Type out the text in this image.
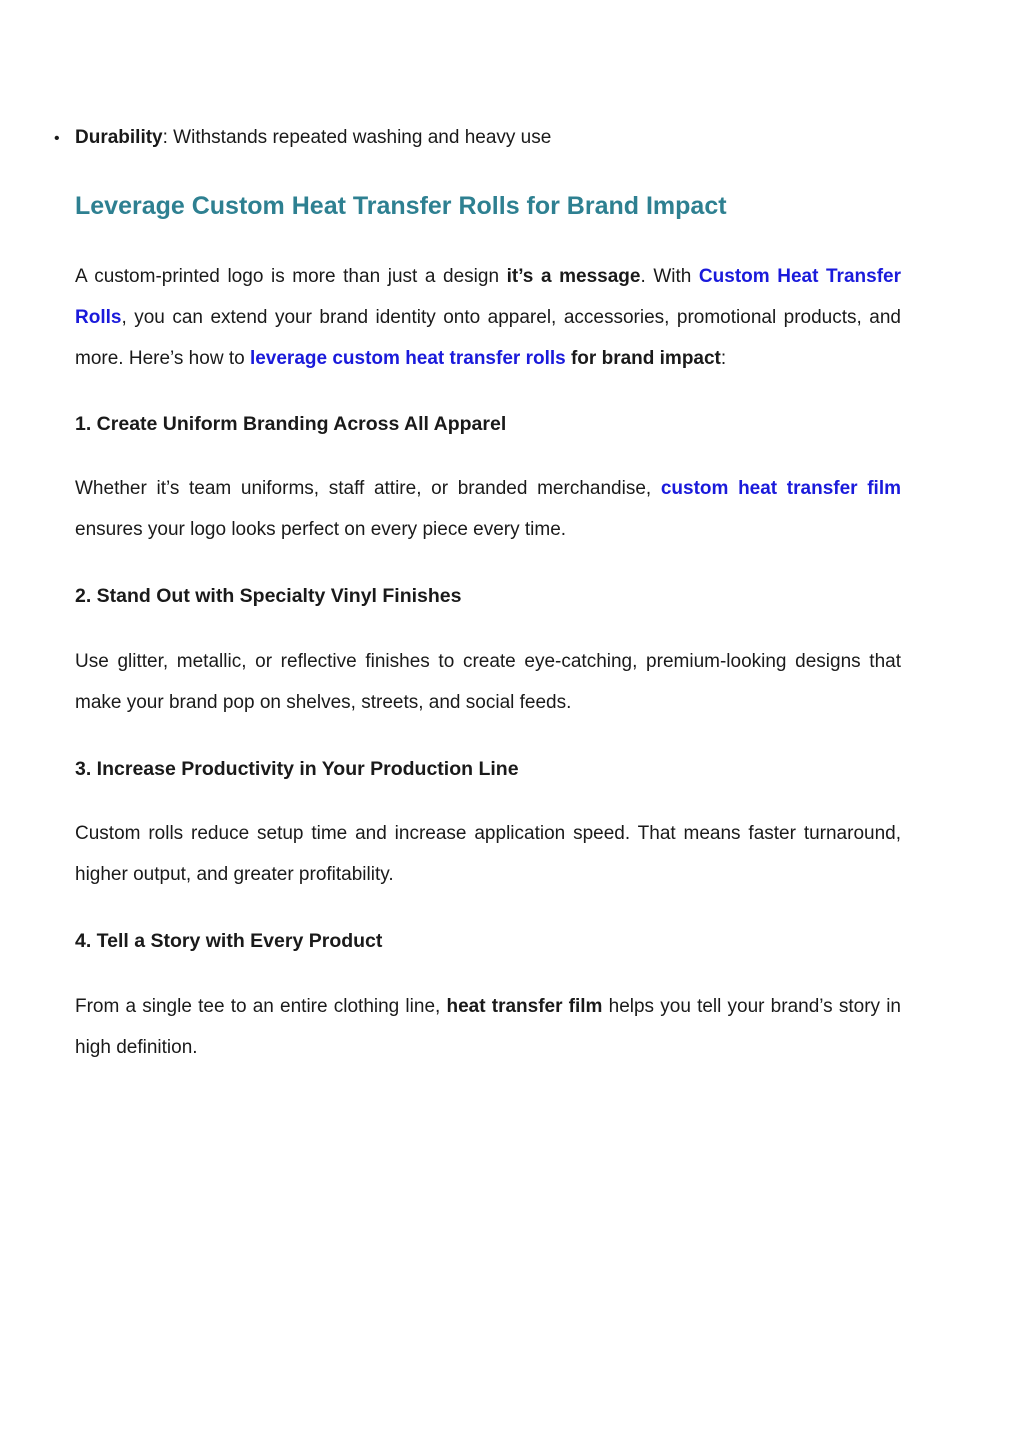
• Durability: Withstands repeated washing and heavy use
Leverage Custom Heat Transfer Rolls for Brand Impact

A custom-printed logo is more than just a design it’s a message. With Custom Heat Transfer Rolls, you can extend your brand identity onto apparel, accessories, promotional products, and more. Here’s how to leverage custom heat transfer rolls for brand impact:

1. Create Uniform Branding Across All Apparel

Whether it’s team uniforms, staff attire, or branded merchandise, custom heat transfer film ensures your logo looks perfect on every piece every time.

2. Stand Out with Specialty Vinyl Finishes

Use glitter, metallic, or reflective finishes to create eye-catching, premium-looking designs that make your brand pop on shelves, streets, and social feeds.

3. Increase Productivity in Your Production Line

Custom rolls reduce setup time and increase application speed. That means faster turnaround, higher output, and greater profitability.

4. Tell a Story with Every Product

From a single tee to an entire clothing line, heat transfer film helps you tell your brand’s story in high definition.
